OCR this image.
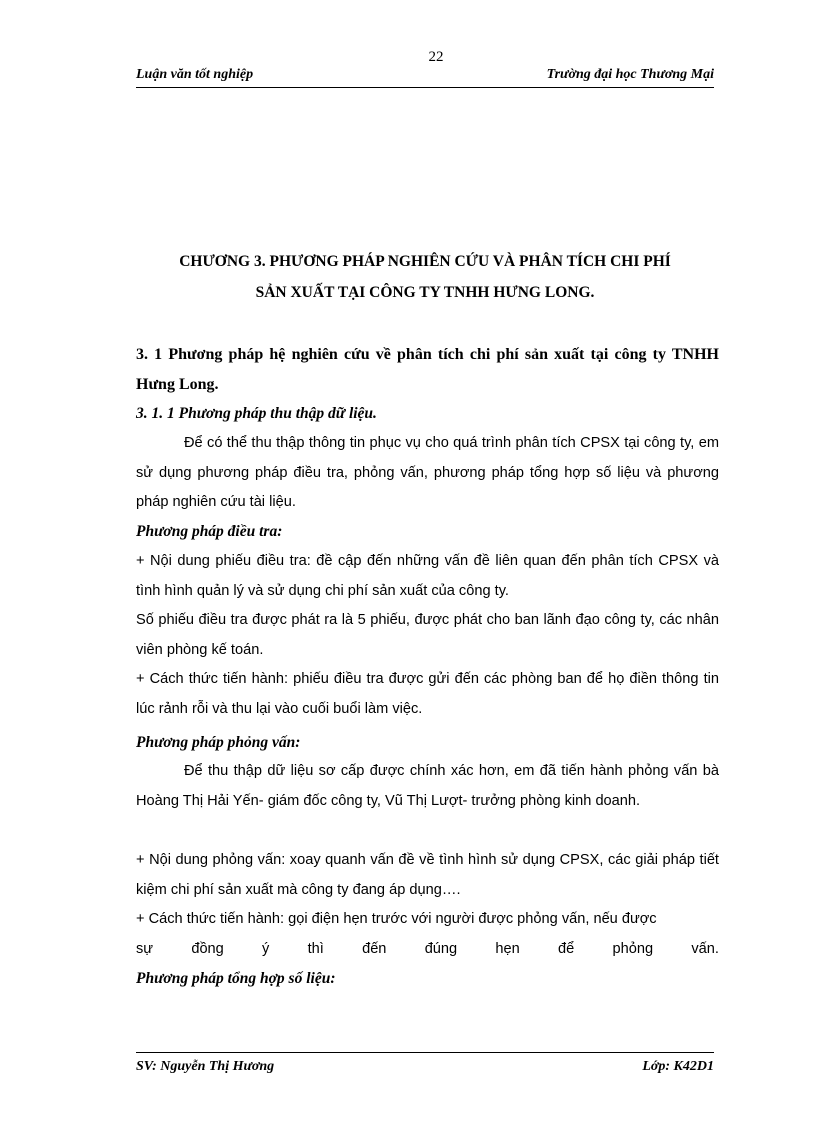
22
Luận văn tốt nghiệp	Trường đại học Thương Mại
CHƯƠNG 3. PHƯƠNG PHÁP NGHIÊN CỨU VÀ PHÂN TÍCH CHI PHÍ
SẢN XUẤT TẠI CÔNG TY TNHH HƯNG LONG.
3. 1 Phương pháp hệ nghiên cứu về phân tích chi phí sản xuất tại công ty TNHH Hưng Long.
3. 1. 1 Phương pháp thu thập dữ liệu.
Để có thể thu thập thông tin phục vụ cho quá trình phân tích CPSX tại công ty, em sử dụng phương pháp điều tra, phỏng vấn, phương pháp tổng hợp số liệu và phương pháp nghiên cứu tài liệu.
Phương pháp điều tra:
+ Nội dung phiếu điều tra: đề cập đến những vấn đề liên quan đến phân tích CPSX và tình hình quản lý và sử dụng chi phí sản xuất của công ty.
Số phiếu điều tra được phát ra là 5 phiếu, được phát cho ban lãnh đạo công ty, các nhân viên phòng kế toán.
+ Cách thức tiến hành: phiếu điều tra được gửi đến các phòng ban để họ điền thông tin lúc rảnh rỗi và thu lại vào cuối buổi làm việc.
Phương pháp phỏng vấn:
Để thu thập dữ liệu sơ cấp được chính xác hơn, em đã tiến hành phỏng vấn bà Hoàng Thị Hải Yến- giám đốc công ty, Vũ Thị Lượt- trưởng phòng kinh doanh.
+ Nội dung phỏng vấn: xoay quanh vấn đề về tình hình sử dụng CPSX, các giải pháp tiết kiệm chi phí sản xuất mà công ty đang áp dụng….
+ Cách thức tiến hành: gọi điện hẹn trước với người được phỏng vấn, nếu được
sự	đồng	ý	thì	đến	đúng	hẹn	để	phỏng	vấn.
Phương pháp tổng hợp số liệu:
SV: Nguyễn Thị Hương	Lớp: K42D1
